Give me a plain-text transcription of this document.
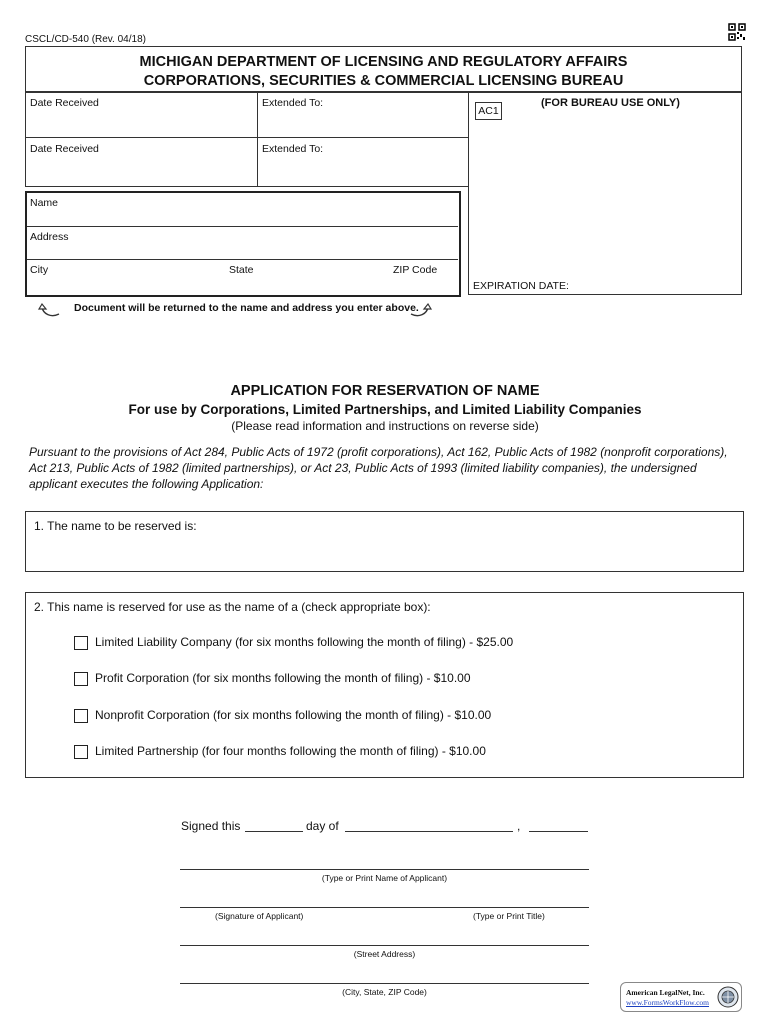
CSCL/CD-540 (Rev. 04/18)
MICHIGAN DEPARTMENT OF LICENSING AND REGULATORY AFFAIRS
CORPORATIONS, SECURITIES & COMMERCIAL LICENSING BUREAU
Date Received	Extended To:
Date Received	Extended To:
AC1
(FOR BUREAU USE ONLY)
EXPIRATION DATE:
Name
Address
City	State	ZIP Code
Document will be returned to the name and address you enter above.
APPLICATION FOR RESERVATION OF NAME
For use by Corporations, Limited Partnerships, and Limited Liability Companies
(Please read information and instructions on reverse side)
Pursuant to the provisions of Act 284, Public Acts of 1972 (profit corporations), Act 162, Public Acts of 1982 (nonprofit corporations), Act 213, Public Acts of 1982 (limited partnerships), or Act 23, Public Acts of 1993 (limited liability companies), the undersigned applicant executes the following Application:
1. The name to be reserved is:
2. This name is reserved for use as the name of a (check appropriate box):
Limited Liability Company (for six months following the month of filing) - $25.00
Profit Corporation (for six months following the month of filing) - $10.00
Nonprofit Corporation (for six months following the month of filing) - $10.00
Limited Partnership (for four months following the month of filing) - $10.00
Signed this	day of	,
(Type or Print Name of Applicant)
(Signature of Applicant)	(Type or Print Title)
(Street Address)
(City, State, ZIP Code)	American LegalNet, Inc.
www.FormsWorkFlow.com
